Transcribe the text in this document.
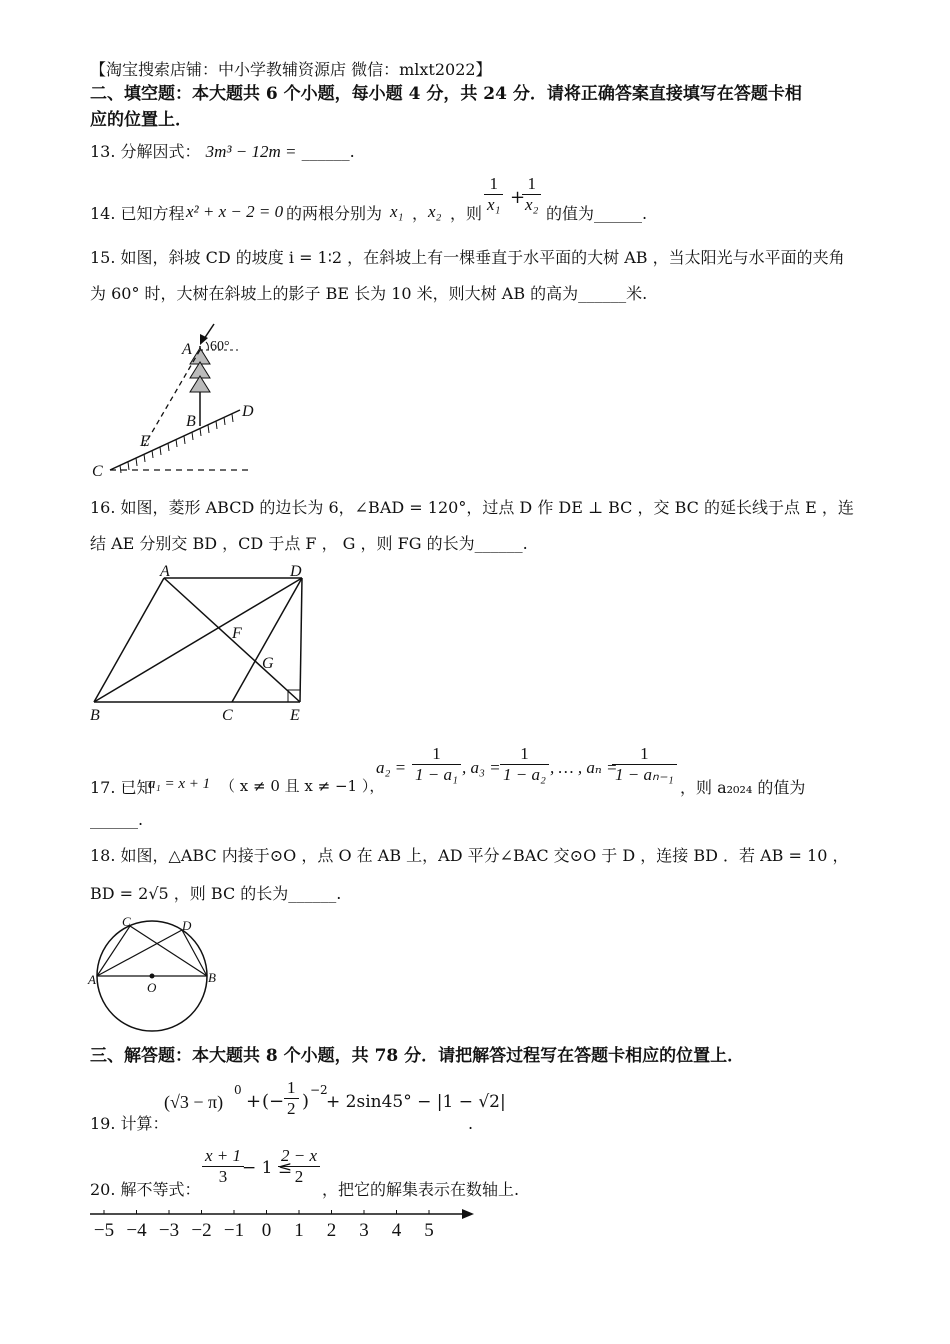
【淘宝搜索店铺：中小学教辅资源店 微信：mlxt2022】
二、填空题：本大题共 6 个小题，每小题 4 分，共 24 分．请将正确答案直接填写在答题卡相
应的位置上．
13. 分解因式： 3m³ − 12m = ______.
14. 已知方程 x² + x − 2 = 0 的两根分别为 x₁ ， x₂ ，则 $\frac{1}{\text{x₁}}$ +
$\frac{1}{\text{x₂}}$ 的值为______.
15. 如图，斜坡 CD 的坡度 i = 1∶2 ，在斜坡上有一棵垂直于水平面的大树 AB ，当太阳光与水平面的夹角
为 60° 时，大树在斜坡上的影子 BE 长为 10 米，则大树 AB 的高为______米.
60°
A
B
C
D
E
16. 如图，菱形 ABCD 的边长为 6，∠BAD = 120°，过点 D 作 DE ⊥ BC ，交 BC 的延长线于点 E ，连
结 AE 分别交 BD ，CD 于点 F ， G ，则 FG 的长为______.
A	D
B	C	E
F
G
17. 已知
a₁ = x + 1 （ x ≠ 0 且 x ≠ −1 ），
$a_2 = \frac{1}{\text{1 − a₁}}$ , $a_3 = \frac{1}{\text{1 − a₂}}$ , … , aₙ =
$\frac{1}{\text{1 − aₙ₋₁}}$
，则 a₂₀₂₄ 的值为
______.
18. 如图，△ABC 内接于⊙O ，点 O 在 AB 上，AD 平分∠BAC 交⊙O 于 D ，连接 BD ．若 AB = 10 ，
BD = 2√5 ，则 BC 的长为______.
A	B
C	D
O
三、解答题：本大题共 8 个小题，共 78 分．请把解答过程写在答题卡相应的位置上．
19. 计算：
(√3 − π)
0
+ (− $\frac{1}{2}$ )
−2
+ 2sin45° − |1 − √2|
.
20. 解不等式：
$\frac{x + 1}{3}$
− 1 ≤
$\frac{2 - x}{2}$
，把它的解集表示在数轴上.
−5 −4 −3 −2 −1 0 1 2 3 4 5
